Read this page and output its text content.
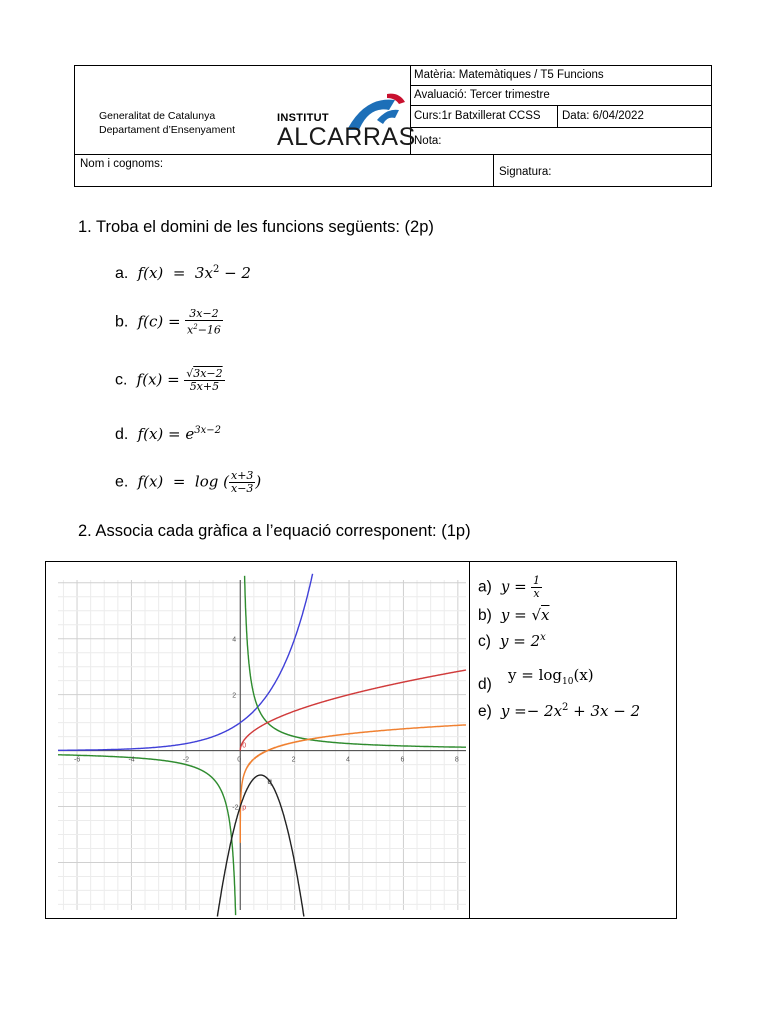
Generalitat de Catalunya
Departament d’Ensenyament
INSTITUT
ALCARRAS
Matèria: Matemàtiques / T5 Funcions
Avaluació: Tercer trimestre
Curs:1r Batxillerat CCSS	Data: 6/04/2022
Nota:
Nom i cognoms:
Signatura:
1. Troba el domini de les funcions següents: (2p)
a.  $f(x) = 3x^2 - 2$
b.  $f(c) = \frac{3x-2}{x^2-16}$
c.  $f(x) = \frac{√3x-2}{5x+5}$
d.  $f(x) = e^{3x-2}$
e.  f(x)  =  log ( $\frac{x+3}{x-3}$ )
2. Associa cada gràfica a l’equació corresponent: (1p)
-6	-4	-2	0	2	4	6	8
4
2
-2
0
q
p
a)  $y = \frac{1}{x}$
b)  y = √x
c)  $y = 2^x$
d)
$y = \log_{10}(x)$
e)  $y =- 2x^2 + 3x - 2$
